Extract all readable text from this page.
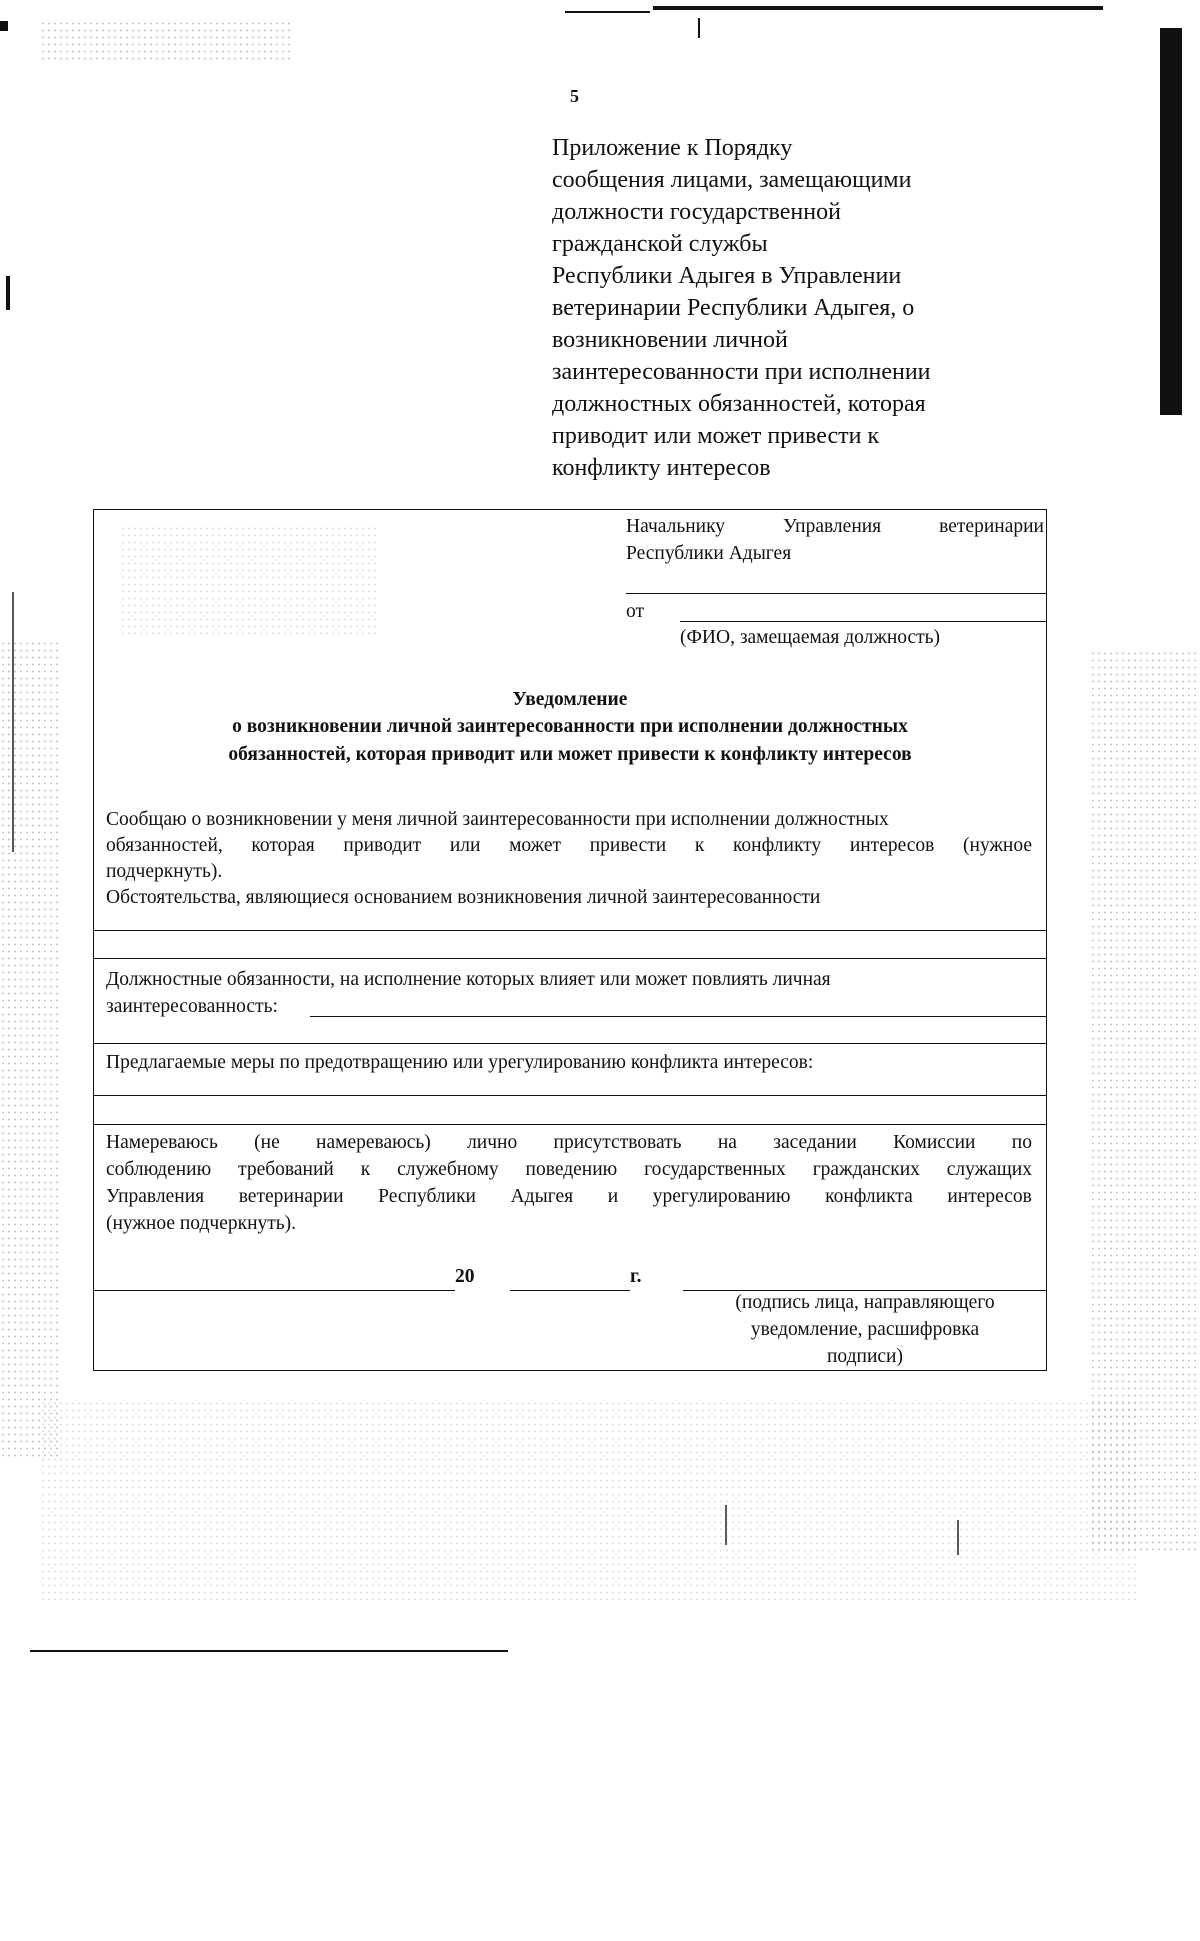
5
Приложение к Порядку
сообщения лицами, замещающими
должности государственной
гражданской службы
Республики Адыгея в Управлении
ветеринарии Республики Адыгея, о
возникновении личной
заинтересованности при исполнении
должностных обязанностей, которая
приводит или может привести к
конфликту интересов
Начальнику	Управления	ветеринарии
Республики Адыгея
от
(ФИО, замещаемая должность)
Уведомление
о возникновении личной заинтересованности при исполнении должностных
обязанностей, которая приводит или может привести к конфликту интересов
Сообщаю о возникновении у меня личной заинтересованности при исполнении должностных
обязанностей, которая приводит или может привести к конфликту интересов (нужное
подчеркнуть).
Обстоятельства, являющиеся основанием возникновения личной заинтересованности
Должностные обязанности, на исполнение которых влияет или может повлиять личная
заинтересованность:
Предлагаемые меры по предотвращению или урегулированию конфликта интересов:
Намереваюсь (не намереваюсь) лично присутствовать на заседании Комиссии по
соблюдению требований к служебному поведению государственных гражданских служащих
Управления ветеринарии Республики Адыгея и урегулированию конфликта интересов
(нужное подчеркнуть).
20	г.
(подпись лица, направляющего
уведомление, расшифровка
подписи)
